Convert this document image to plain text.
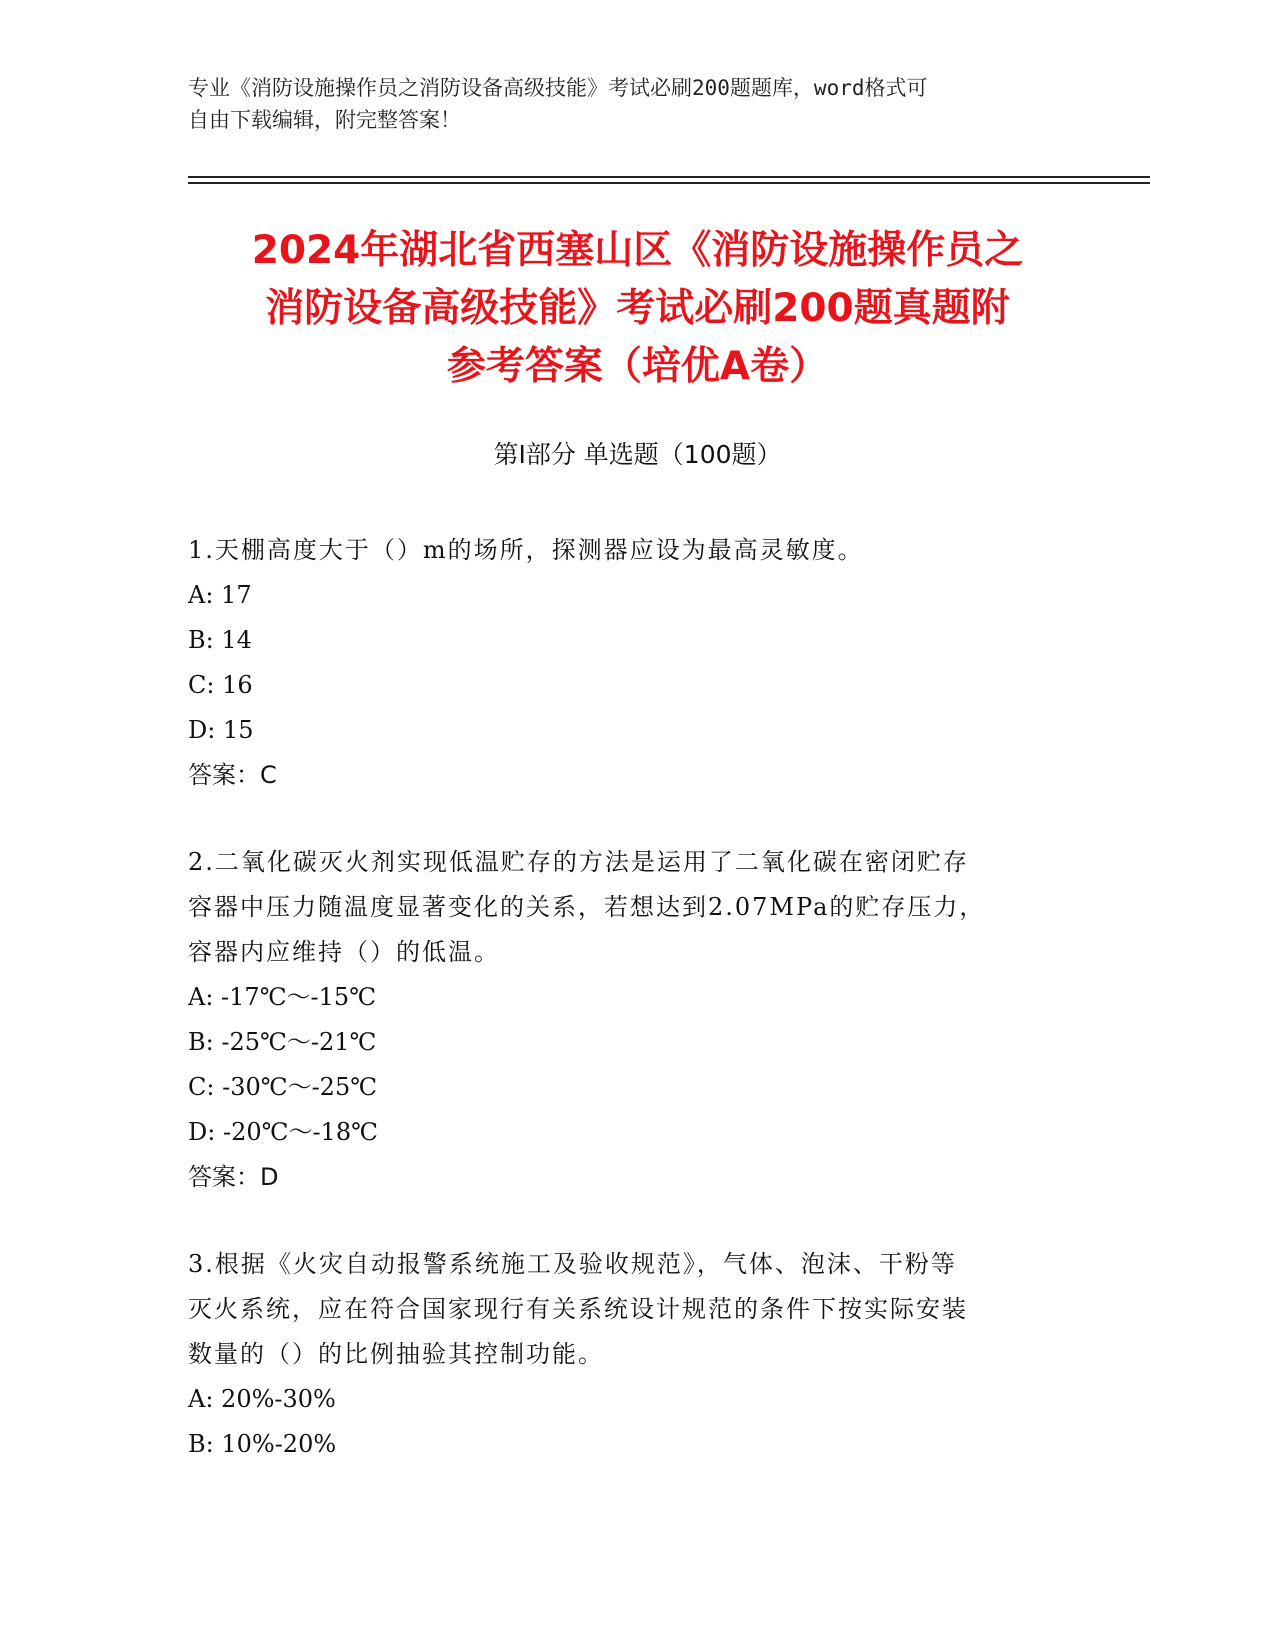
专业《消防设施操作员之消防设备高级技能》考试必刷200题题库，word格式可
自由下载编辑，附完整答案！
2024年湖北省西塞山区《消防设施操作员之
消防设备高级技能》考试必刷200题真题附
参考答案（培优A卷）
第I部分 单选题（100题）
1.天棚高度大于（）m的场所，探测器应设为最高灵敏度。
A: 17
B: 14
C: 16
D: 15
答案：C
2.二氧化碳灭火剂实现低温贮存的方法是运用了二氧化碳在密闭贮存
容器中压力随温度显著变化的关系，若想达到2.07MPa的贮存压力，
容器内应维持（）的低温。
A: -17℃～-15℃
B: -25℃～-21℃
C: -30℃～-25℃
D: -20℃～-18℃
答案：D
3.根据《火灾自动报警系统施工及验收规范》，气体、泡沫、干粉等
灭火系统，应在符合国家现行有关系统设计规范的条件下按实际安装
数量的（）的比例抽验其控制功能。
A: 20%-30%
B: 10%-20%
